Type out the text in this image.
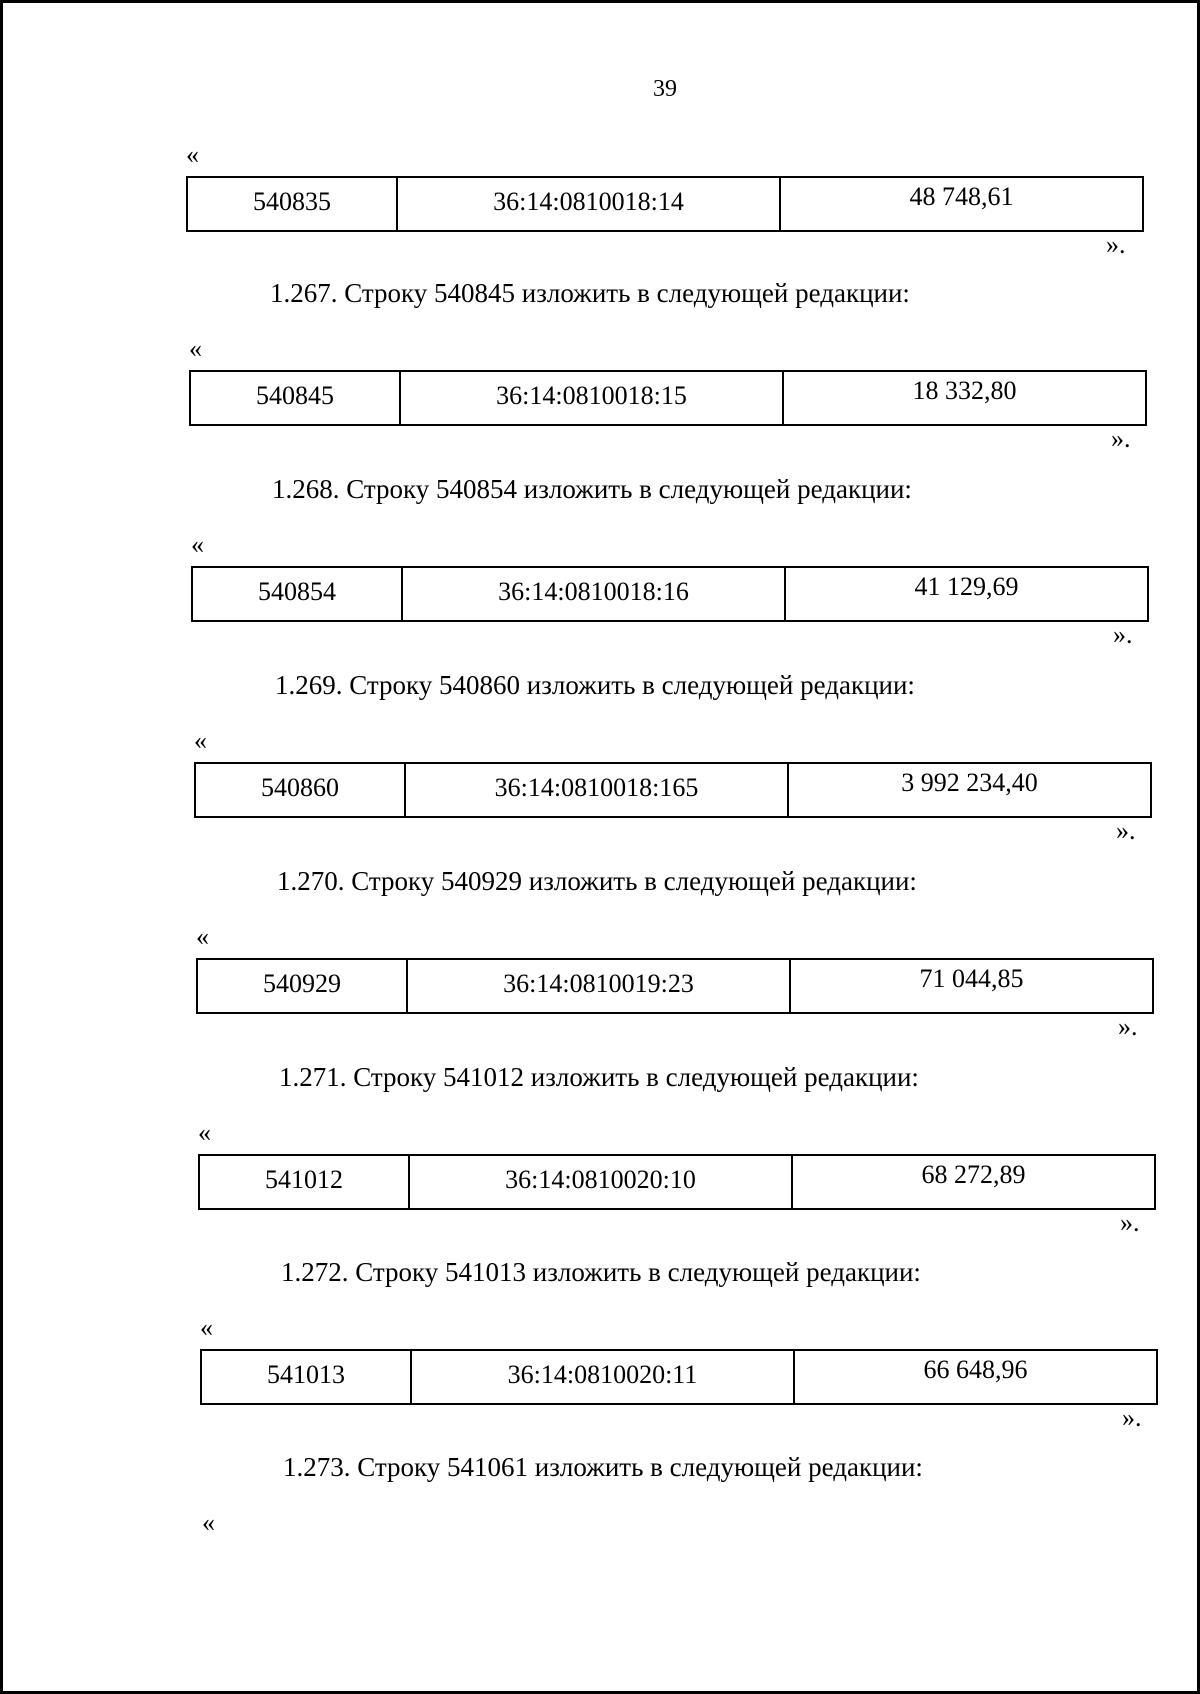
39
«
540835	36:14:0810018:14	48 748,61
».
1.267. Строку 540845 изложить в следующей редакции:
«
540845	36:14:0810018:15	18 332,80
».
1.268. Строку 540854 изложить в следующей редакции:
«
540854	36:14:0810018:16	41 129,69
».
1.269. Строку 540860 изложить в следующей редакции:
«
540860	36:14:0810018:165	3 992 234,40
».
1.270. Строку 540929 изложить в следующей редакции:
«
540929	36:14:0810019:23	71 044,85
».
1.271. Строку 541012 изложить в следующей редакции:
«
541012	36:14:0810020:10	68 272,89
».
1.272. Строку 541013 изложить в следующей редакции:
«
541013	36:14:0810020:11	66 648,96
».
1.273. Строку 541061 изложить в следующей редакции:
«
